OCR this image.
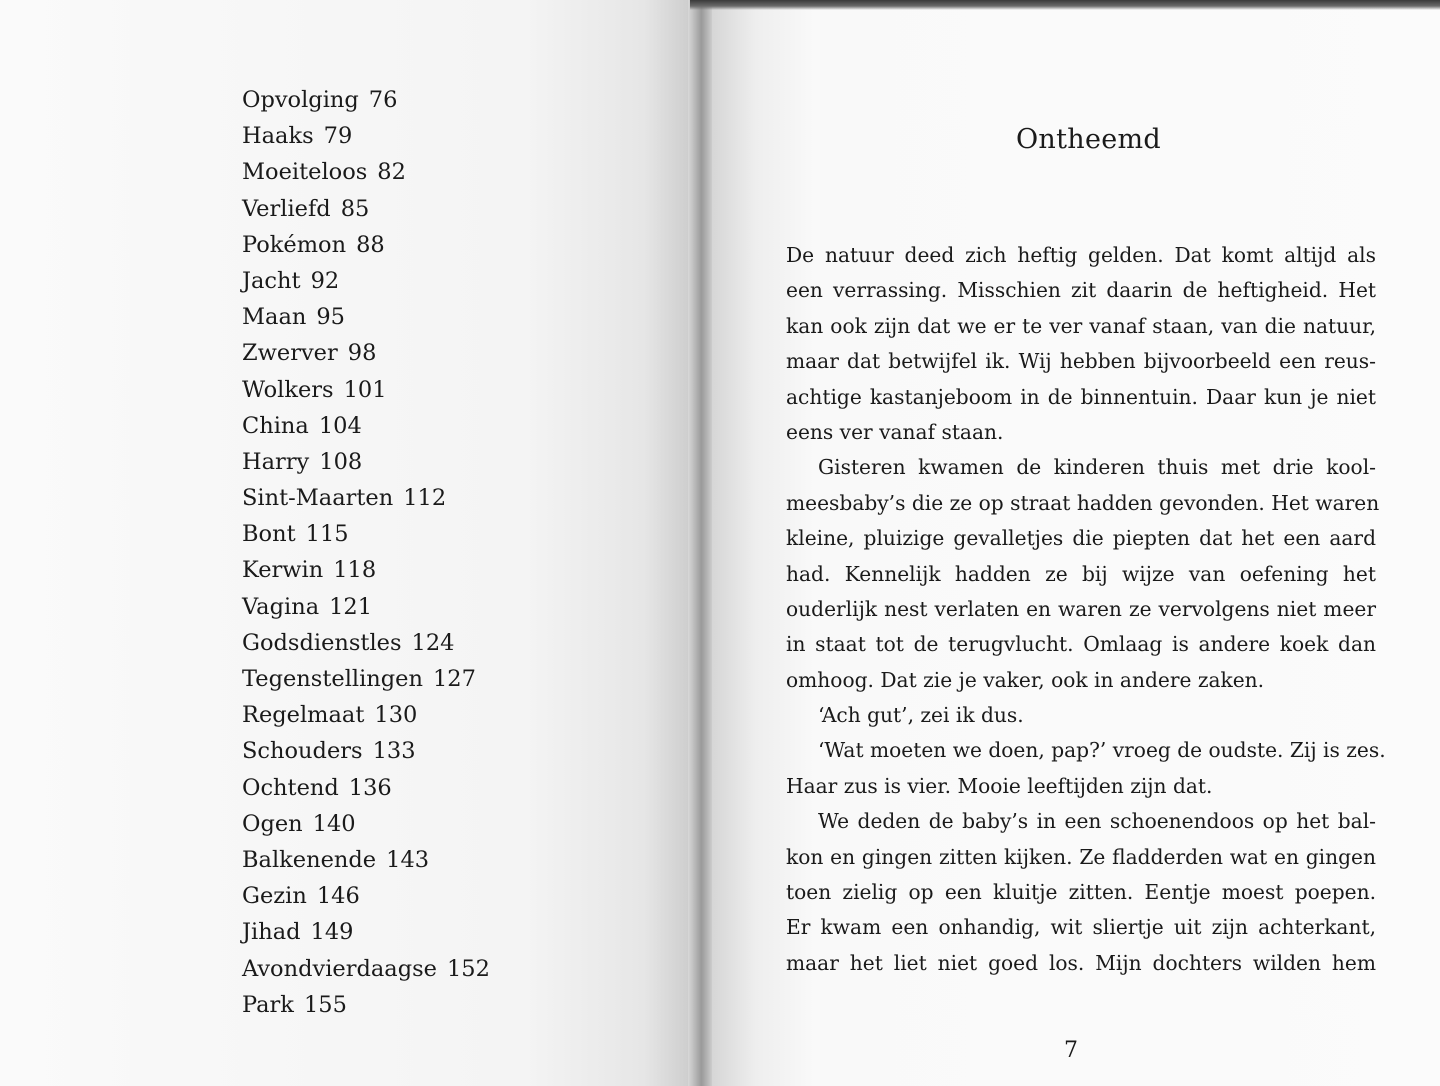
Opvolging 76
Haaks 79
Moeiteloos 82
Verliefd 85
Pokémon 88
Jacht 92
Maan 95
Zwerver 98
Wolkers 101
China 104
Harry 108
Sint-Maarten 112
Bont 115
Kerwin 118
Vagina 121
Godsdienstles 124
Tegenstellingen 127
Regelmaat 130
Schouders 133
Ochtend 136
Ogen 140
Balkenende 143
Gezin 146
Jihad 149
Avondvierdaagse 152
Park 155
Ontheemd
De natuur deed zich heftig gelden. Dat komt altijd als
een verrassing. Misschien zit daarin de heftigheid. Het
kan ook zijn dat we er te ver vanaf staan, van die natuur,
maar dat betwijfel ik. Wij hebben bijvoorbeeld een reus-
achtige kastanjeboom in de binnentuin. Daar kun je niet
eens ver vanaf staan.
Gisteren kwamen de kinderen thuis met drie kool-
meesbaby’s die ze op straat hadden gevonden. Het waren
kleine, pluizige gevalletjes die piepten dat het een aard
had. Kennelijk hadden ze bij wijze van oefening het
ouderlijk nest verlaten en waren ze vervolgens niet meer
in staat tot de terugvlucht. Omlaag is andere koek dan
omhoog. Dat zie je vaker, ook in andere zaken.
‘Ach gut’, zei ik dus.
‘Wat moeten we doen, pap?’ vroeg de oudste. Zij is zes.
Haar zus is vier. Mooie leeftijden zijn dat.
We deden de baby’s in een schoenendoos op het bal-
kon en gingen zitten kijken. Ze fladderden wat en gingen
toen zielig op een kluitje zitten. Eentje moest poepen.
Er kwam een onhandig, wit sliertje uit zijn achterkant,
maar het liet niet goed los. Mijn dochters wilden hem
7
